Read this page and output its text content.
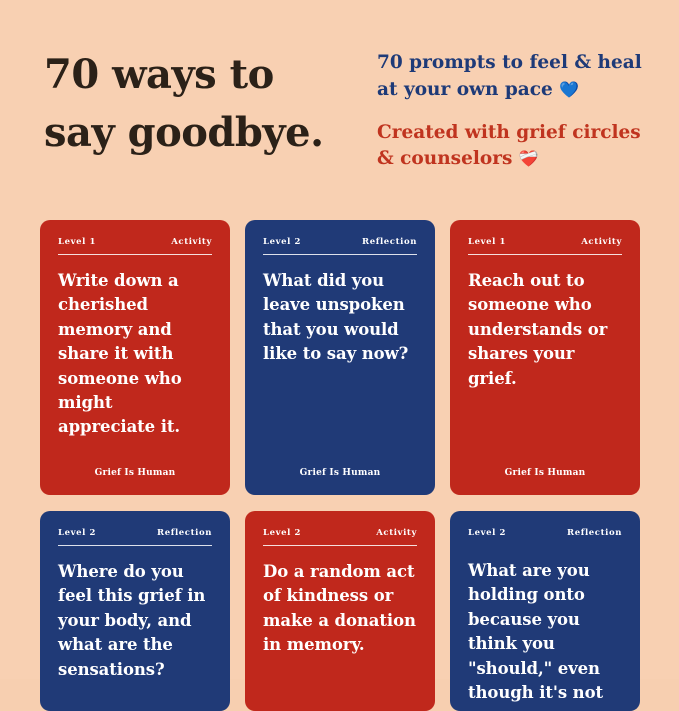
70 ways to
say goodbye.

70 prompts to feel & heal at your own pace 💙

Created with grief circles & counselors ❤️‍🩹

Level 1	Activity
Write down a cherished memory and share it with someone who might appreciate it.
Grief Is Human
Level 2	Reflection
What did you leave unspoken that you would like to say now?
Grief Is Human
Level 1	Activity
Reach out to someone who understands or shares your grief.
Grief Is Human
Level 2	Reflection
Where do you feel this grief in your body, and what are the sensations?
Level 2	Activity
Do a random act of kindness or make a donation in memory.
Level 2	Reflection
What are you holding onto because you think you "should," even though it's not
